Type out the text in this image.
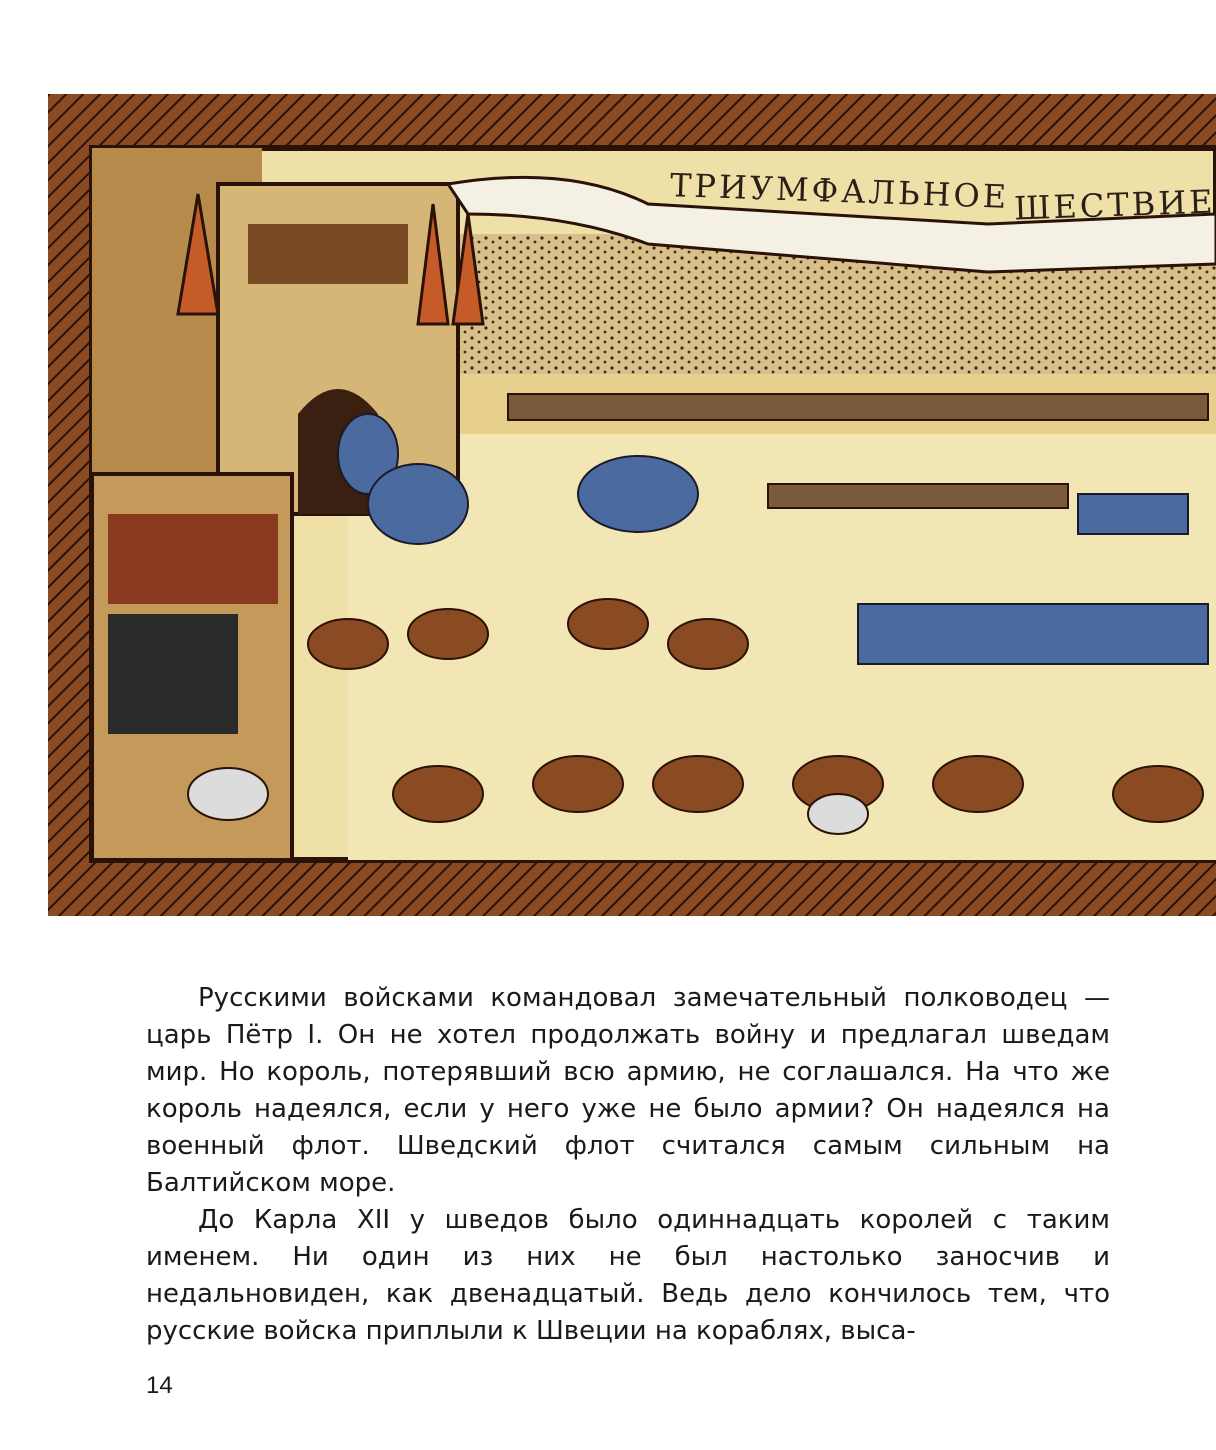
ТРИУМФАЛЬНОЕ ШЕСТВИЕ

Русскими войсками командовал замечательный полководец — царь Пётр I. Он не хотел продолжать войну и предлагал шведам мир. Но король, потерявший всю армию, не соглашался. На что же король надеялся, если у него уже не было армии? Он надеялся на военный флот. Шведский флот считался самым сильным на Балтийском море.

До Карла XII у шведов было одиннадцать королей с таким именем. Ни один из них не был настолько заносчив и недальновиден, как двенадцатый. Ведь дело кончилось тем, что русские войска приплыли к Швеции на кораблях, выса-

14
